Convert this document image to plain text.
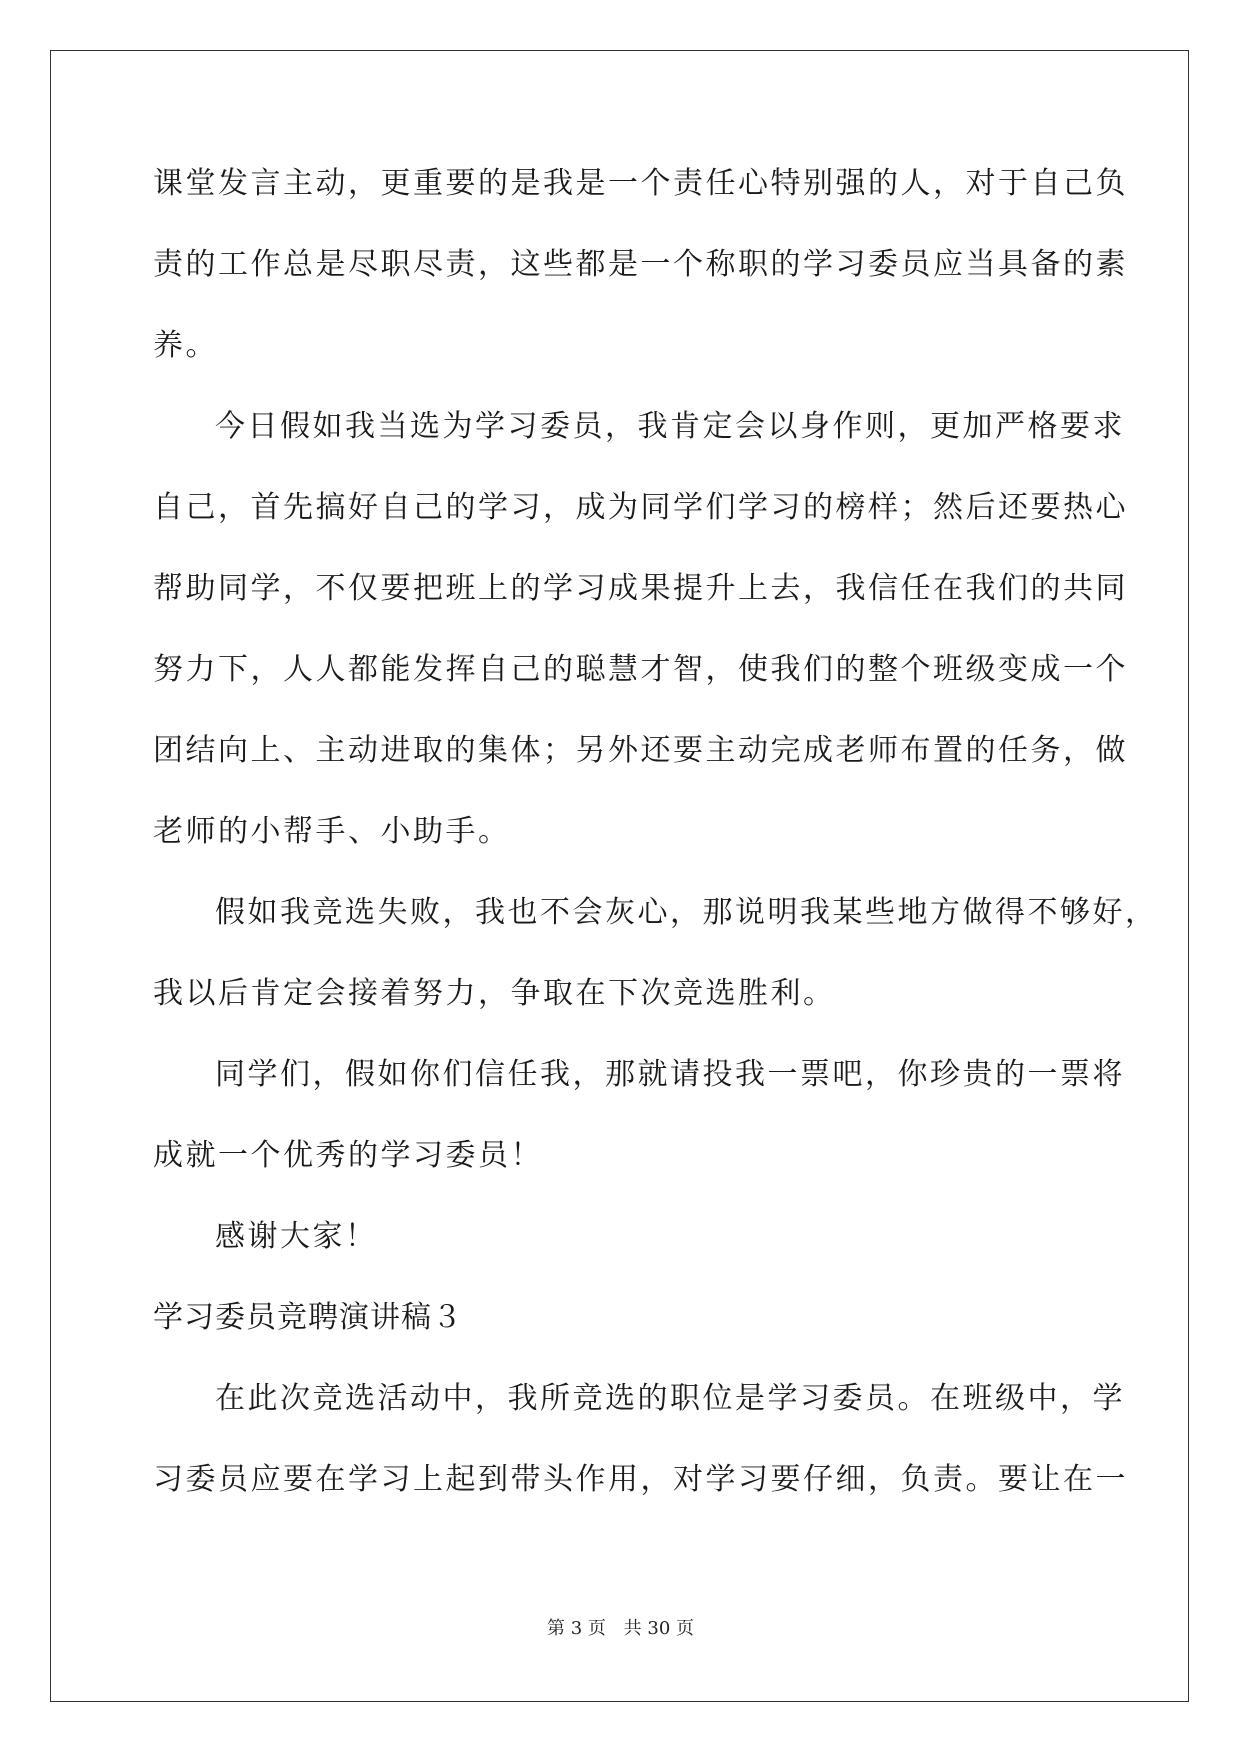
课堂发言主动，更重要的是我是一个责任心特别强的人，对于自己负
责的工作总是尽职尽责，这些都是一个称职的学习委员应当具备的素
养。
今日假如我当选为学习委员，我肯定会以身作则，更加严格要求
自己，首先搞好自己的学习，成为同学们学习的榜样；然后还要热心
帮助同学，不仅要把班上的学习成果提升上去，我信任在我们的共同
努力下，人人都能发挥自己的聪慧才智，使我们的整个班级变成一个
团结向上、主动进取的集体；另外还要主动完成老师布置的任务，做
老师的小帮手、小助手。
假如我竞选失败，我也不会灰心，那说明我某些地方做得不够好，
我以后肯定会接着努力，争取在下次竞选胜利。
同学们，假如你们信任我，那就请投我一票吧，你珍贵的一票将
成就一个优秀的学习委员！
感谢大家！
学习委员竞聘演讲稿３
在此次竞选活动中，我所竞选的职位是学习委员。在班级中，学
习委员应要在学习上起到带头作用，对学习要仔细，负责。要让在一
第 3 页 共 30 页
